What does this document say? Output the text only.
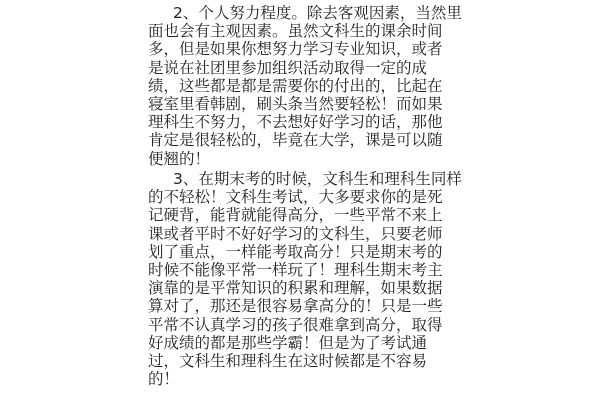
2、个人努力程度。除去客观因素，当然里

面也会有主观因素。虽然文科生的课余时间

多，但是如果你想努力学习专业知识，或者

是说在社团里参加组织活动取得一定的成

绩，这些都是都是需要你的付出的，比起在

寝室里看韩剧，刷头条当然要轻松！而如果

理科生不努力，不去想好好学习的话，那他

肯定是很轻松的，毕竟在大学，课是可以随

便翘的！

3、在期末考的时候，文科生和理科生同样

的不轻松！文科生考试，大多要求你的是死

记硬背，能背就能得高分，一些平常不来上

课或者平时不好好学习的文科生，只要老师

划了重点，一样能考取高分！只是期末考的

时候不能像平常一样玩了！理科生期末考主

演靠的是平常知识的积累和理解，如果数据

算对了，那还是很容易拿高分的！只是一些

平常不认真学习的孩子很难拿到高分，取得

好成绩的都是那些学霸！但是为了考试通

过，文科生和理科生在这时候都是不容易

的！
